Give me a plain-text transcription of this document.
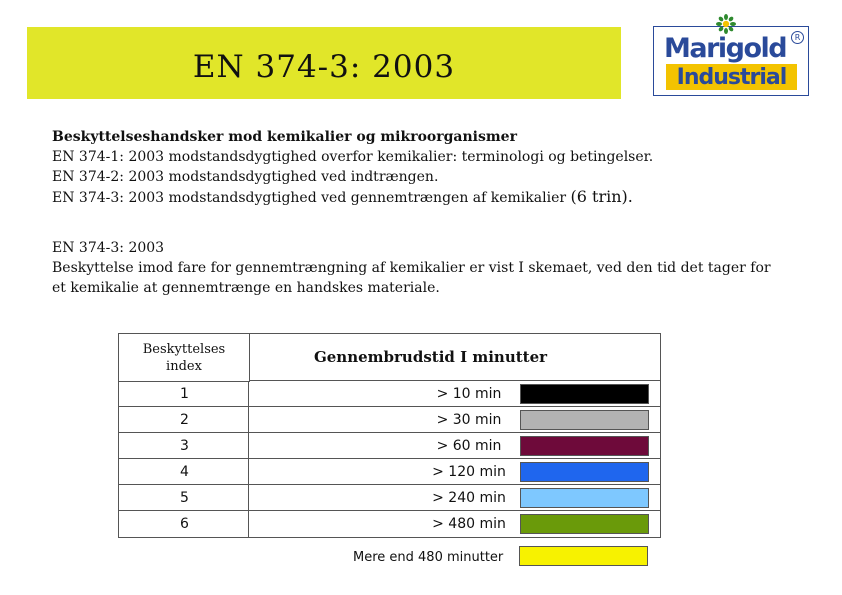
EN 374-3: 2003
Marigold	R
Industrial
Beskyttelseshandsker mod kemikalier og mikroorganismer
EN 374-1: 2003 modstandsdygtighed overfor kemikalier: terminologi og betingelser.
EN 374-2: 2003 modstandsdygtighed ved indtrængen.
EN 374-3: 2003 modstandsdygtighed ved gennemtrængen af kemikalier (6 trin).
EN 374-3: 2003
Beskyttelse imod fare for gennemtrængning af kemikalier er vist I skemaet, ved den tid det tager for et kemikalie at gennemtrænge en handskes materiale.
Beskyttelses
index	Gennembrudstid I minutter
1	> 10 min
2	> 30 min
3	> 60 min
4	> 120 min
5	> 240 min
6	> 480 min
Mere end 480 minutter
